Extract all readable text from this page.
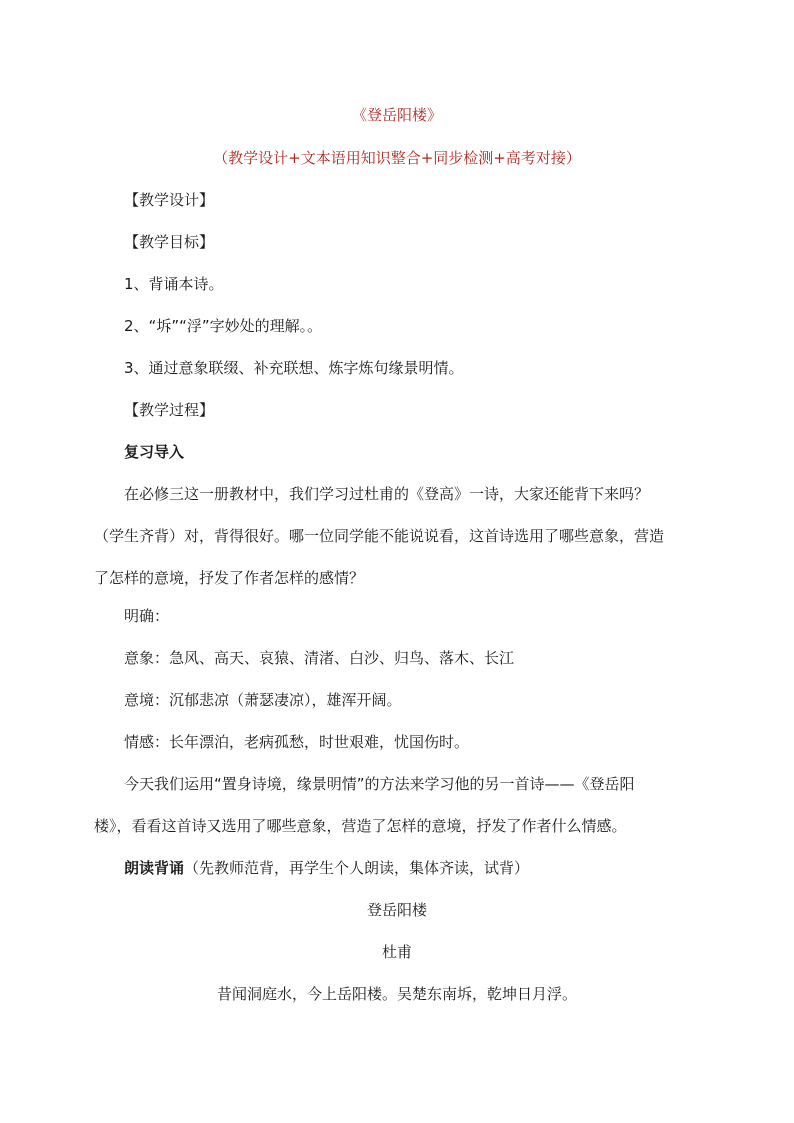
《登岳阳楼》
（教学设计+文本语用知识整合+同步检测+高考对接）
【教学设计】
【教学目标】
1、背诵本诗。
2、“坼”“浮”字妙处的理解。。
3、通过意象联缀、补充联想、炼字炼句缘景明情。
【教学过程】
复习导入
在必修三这一册教材中，我们学习过杜甫的《登高》一诗，大家还能背下来吗？
（学生齐背）对，背得很好。哪一位同学能不能说说看，这首诗选用了哪些意象，营造
了怎样的意境，抒发了作者怎样的感情？
明确：
意象：急风、高天、哀猿、清渚、白沙、归鸟、落木、长江
意境：沉郁悲凉（萧瑟凄凉），雄浑开阔。
情感：长年漂泊，老病孤愁，时世艰难，忧国伤时。
今天我们运用“置身诗境，缘景明情”的方法来学习他的另一首诗——《登岳阳
楼》，看看这首诗又选用了哪些意象，营造了怎样的意境，抒发了作者什么情感。
朗读背诵（先教师范背，再学生个人朗读，集体齐读，试背）
登岳阳楼
杜甫
昔闻洞庭水，今上岳阳楼。吴楚东南坼，乾坤日月浮。
